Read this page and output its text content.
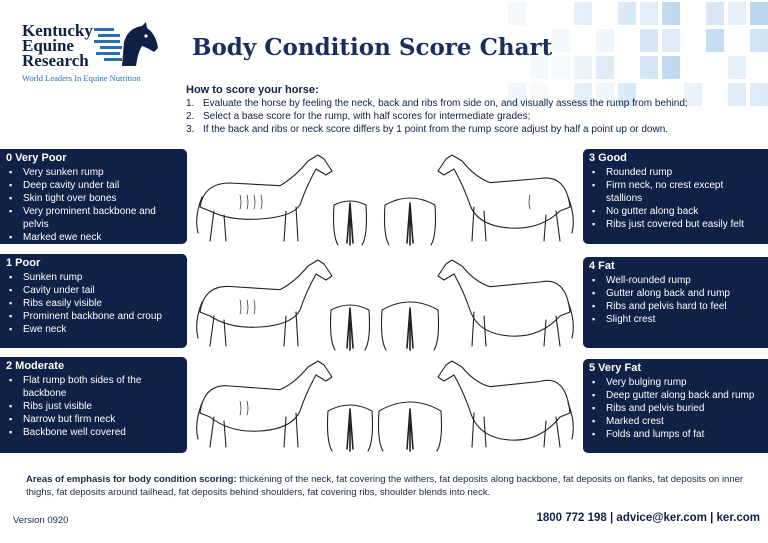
Kentucky
Equine
Research
World Leaders In Equine Nutrition
Body Condition Score Chart
How to score your horse:
1. Evaluate the horse by feeling the neck, back and ribs from side on, and visually assess the rump from behind;
2. Select a base score for the rump, with half scores for intermediate grades;
3. If the back and ribs or neck score differs by 1 point from the rump score adjust by half a point up or down.
0 Very Poor
▪ Very sunken rump
▪ Deep cavity under tail
▪ Skin tight over bones
▪ Very prominent backbone and pelvis
▪ Marked ewe neck
1 Poor
▪ Sunken rump
▪ Cavity under tail
▪ Ribs easily visible
▪ Prominent backbone and croup
▪ Ewe neck
2 Moderate
▪ Flat rump both sides of the backbone
▪ Ribs just visible
▪ Narrow but firm neck
▪ Backbone well covered
3 Good
▪ Rounded rump
▪ Firm neck, no crest except stallions
▪ No gutter along back
▪ Ribs just covered but easily felt
4 Fat
▪ Well-rounded rump
▪ Gutter along back and rump
▪ Ribs and pelvis hard to feel
▪ Slight crest
5 Very Fat
▪ Very bulging rump
▪ Deep gutter along back and rump
▪ Ribs and pelvis buried
▪ Marked crest
▪ Folds and lumps of fat
Areas of emphasis for body condition scoring: thickening of the neck, fat covering the withers, fat deposits along backbone, fat deposits on flanks, fat deposits on inner thighs, fat deposits around tailhead, fat deposits behind shoulders, fat covering ribs, shoulder blends into neck.
Version 0920	1800 772 198 | advice@ker.com | ker.com
